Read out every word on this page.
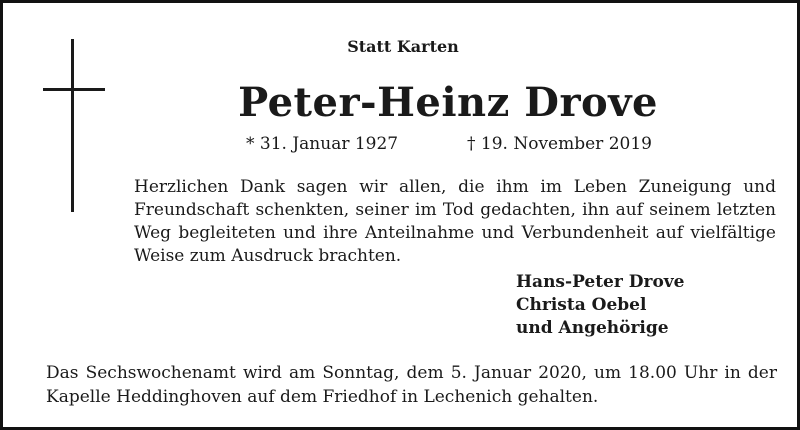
Statt Karten
Peter-Heinz Drove
* 31. Januar 1927	† 19. November 2019
Herzlichen Dank sagen wir allen, die ihm im Leben Zuneigung und Freundschaft schenkten, seiner im Tod gedachten, ihn auf seinem letzten Weg begleiteten und ihre Anteilnahme und Verbundenheit auf vielfältige Weise zum Ausdruck brachten.
Hans-Peter Drove
Christa Oebel
und Angehörige
Das Sechswochenamt wird am Sonntag, dem 5. Januar 2020, um 18.00 Uhr in der Kapelle Heddinghoven auf dem Friedhof in Lechenich gehalten.
